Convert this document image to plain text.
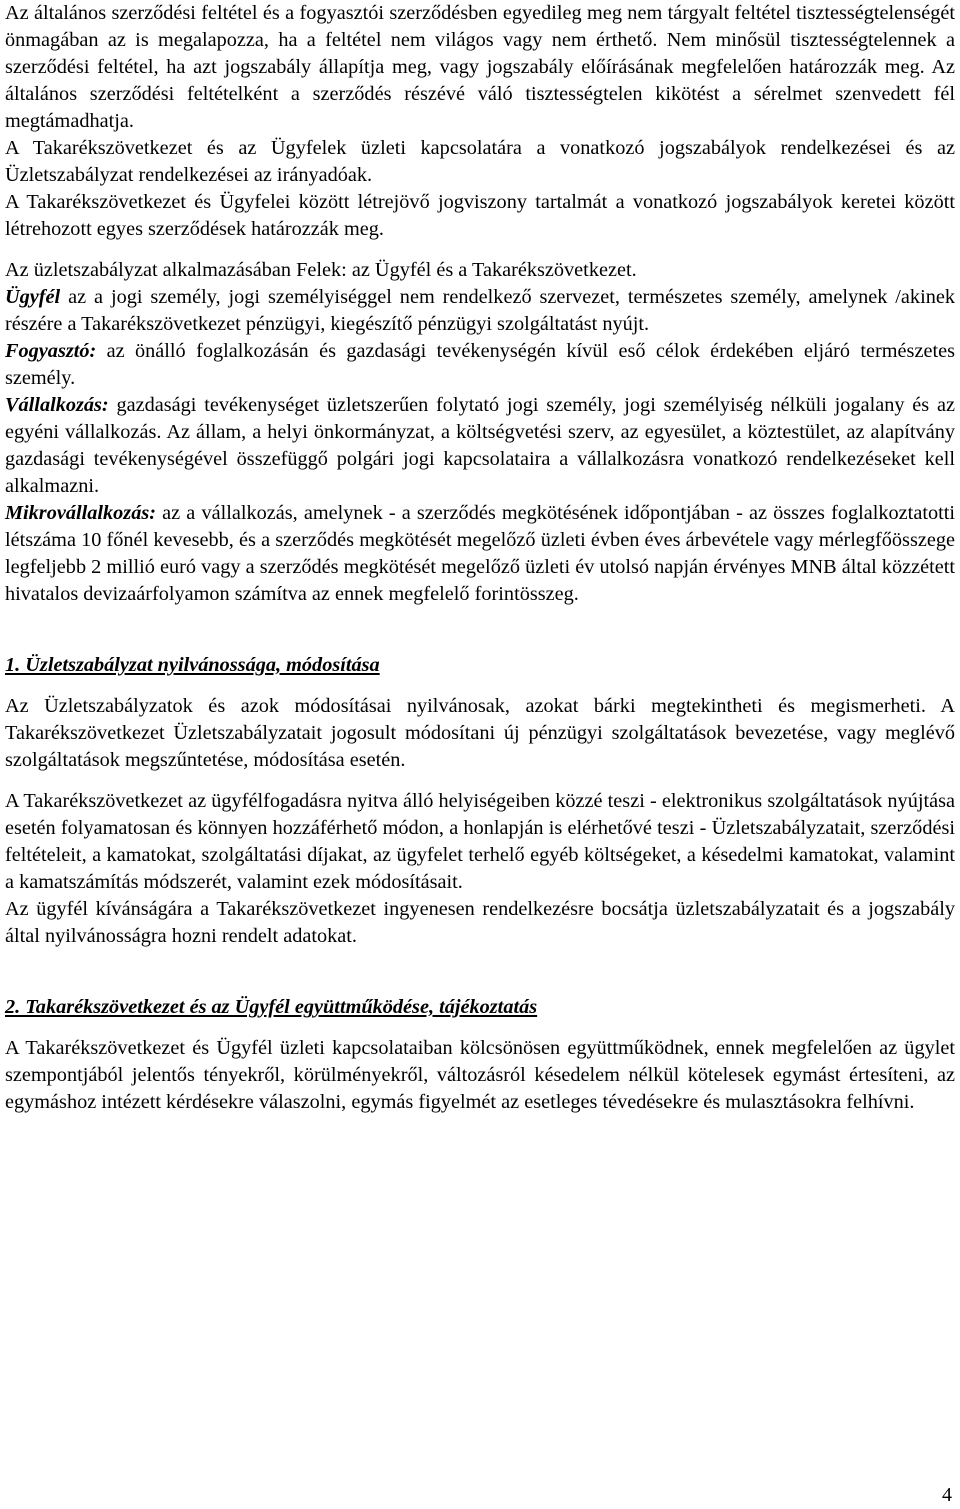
Az általános szerződési feltétel és a fogyasztói szerződésben egyedileg meg nem tárgyalt feltétel tisztességtelenségét önmagában az is megalapozza, ha a feltétel nem világos vagy nem érthető. Nem minősül tisztességtelennek a szerződési feltétel, ha azt jogszabály állapítja meg, vagy jogszabály előírásának megfelelően határozzák meg. Az általános szerződési feltételként a szerződés részévé váló tisztességtelen kikötést a sérelmet szenvedett fél megtámadhatja.

A Takarékszövetkezet és az Ügyfelek üzleti kapcsolatára a vonatkozó jogszabályok rendelkezései és az Üzletszabályzat rendelkezései az irányadóak.

A Takarékszövetkezet és Ügyfelei között létrejövő jogviszony tartalmát a vonatkozó jogszabályok keretei között létrehozott egyes szerződések határozzák meg.

Az üzletszabályzat alkalmazásában Felek: az Ügyfél és a Takarékszövetkezet.

Ügyfél az a jogi személy, jogi személyiséggel nem rendelkező szervezet, természetes személy, amelynek /akinek részére a Takarékszövetkezet pénzügyi, kiegészítő pénzügyi szolgáltatást nyújt.

Fogyasztó: az önálló foglalkozásán és gazdasági tevékenységén kívül eső célok érdekében eljáró természetes személy.

Vállalkozás: gazdasági tevékenységet üzletszerűen folytató jogi személy, jogi személyiség nélküli jogalany és az egyéni vállalkozás. Az állam, a helyi önkormányzat, a költségvetési szerv, az egyesület, a köztestület, az alapítvány gazdasági tevékenységével összefüggő polgári jogi kapcsolataira a vállalkozásra vonatkozó rendelkezéseket kell alkalmazni.

Mikrovállalkozás: az a vállalkozás, amelynek - a szerződés megkötésének időpontjában - az összes foglalkoztatotti létszáma 10 főnél kevesebb, és a szerződés megkötését megelőző üzleti évben éves árbevétele vagy mérlegfőösszege legfeljebb 2 millió euró vagy a szerződés megkötését megelőző üzleti év utolsó napján érvényes MNB által közzétett hivatalos devizaárfolyamon számítva az ennek megfelelő forintösszeg.

1. Üzletszabályzat nyilvánossága, módosítása

Az Üzletszabályzatok és azok módosításai nyilvánosak, azokat bárki megtekintheti és megismerheti. A Takarékszövetkezet Üzletszabályzatait jogosult módosítani új pénzügyi szolgáltatások bevezetése, vagy meglévő szolgáltatások megszűntetése, módosítása esetén.

A Takarékszövetkezet az ügyfélfogadásra nyitva álló helyiségeiben közzé teszi - elektronikus szolgáltatások nyújtása esetén folyamatosan és könnyen hozzáférhető módon, a honlapján is elérhetővé teszi - Üzletszabályzatait, szerződési feltételeit, a kamatokat, szolgáltatási díjakat, az ügyfelet terhelő egyéb költségeket, a késedelmi kamatokat, valamint a kamatszámítás módszerét, valamint ezek módosításait.

Az ügyfél kívánságára a Takarékszövetkezet ingyenesen rendelkezésre bocsátja üzletszabályzatait és a jogszabály által nyilvánosságra hozni rendelt adatokat.

2. Takarékszövetkezet és az Ügyfél együttműködése, tájékoztatás

A Takarékszövetkezet és Ügyfél üzleti kapcsolataiban kölcsönösen együttműködnek, ennek megfelelően az ügylet szempontjából jelentős tényekről, körülményekről, változásról késedelem nélkül kötelesek egymást értesíteni, az egymáshoz intézett kérdésekre válaszolni, egymás figyelmét az esetleges tévedésekre és mulasztásokra felhívni.

4
